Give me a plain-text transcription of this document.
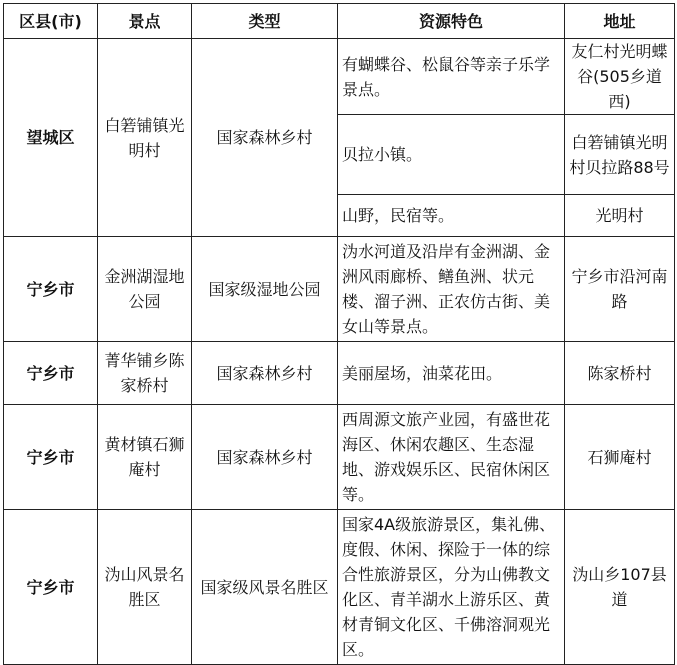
区县(市)	景点	类型	资源特色	地址
望城区	白箬铺镇光明村	国家森林乡村	有蝴蝶谷、松鼠谷等亲子乐学景点。	友仁村光明蝶谷(505乡道西)
			贝拉小镇。	白箬铺镇光明村贝拉路88号
			山野，民宿等。	光明村
宁乡市	金洲湖湿地公园	国家级湿地公园	沩水河道及沿岸有金洲湖、金洲风雨廊桥、鳝鱼洲、状元楼、溜子洲、正农仿古街、美女山等景点。	宁乡市沿河南路
宁乡市	菁华铺乡陈家桥村	国家森林乡村	美丽屋场，油菜花田。	陈家桥村
宁乡市	黄材镇石狮庵村	国家森林乡村	西周源文旅产业园，有盛世花海区、休闲农趣区、生态湿地、游戏娱乐区、民宿休闲区等。	石狮庵村
宁乡市	沩山风景名胜区	国家级风景名胜区	国家4A级旅游景区，集礼佛、度假、休闲、探险于一体的综合性旅游景区，分为山佛教文化区、青羊湖水上游乐区、黄材青铜文化区、千佛溶洞观光区。	沩山乡107县道
